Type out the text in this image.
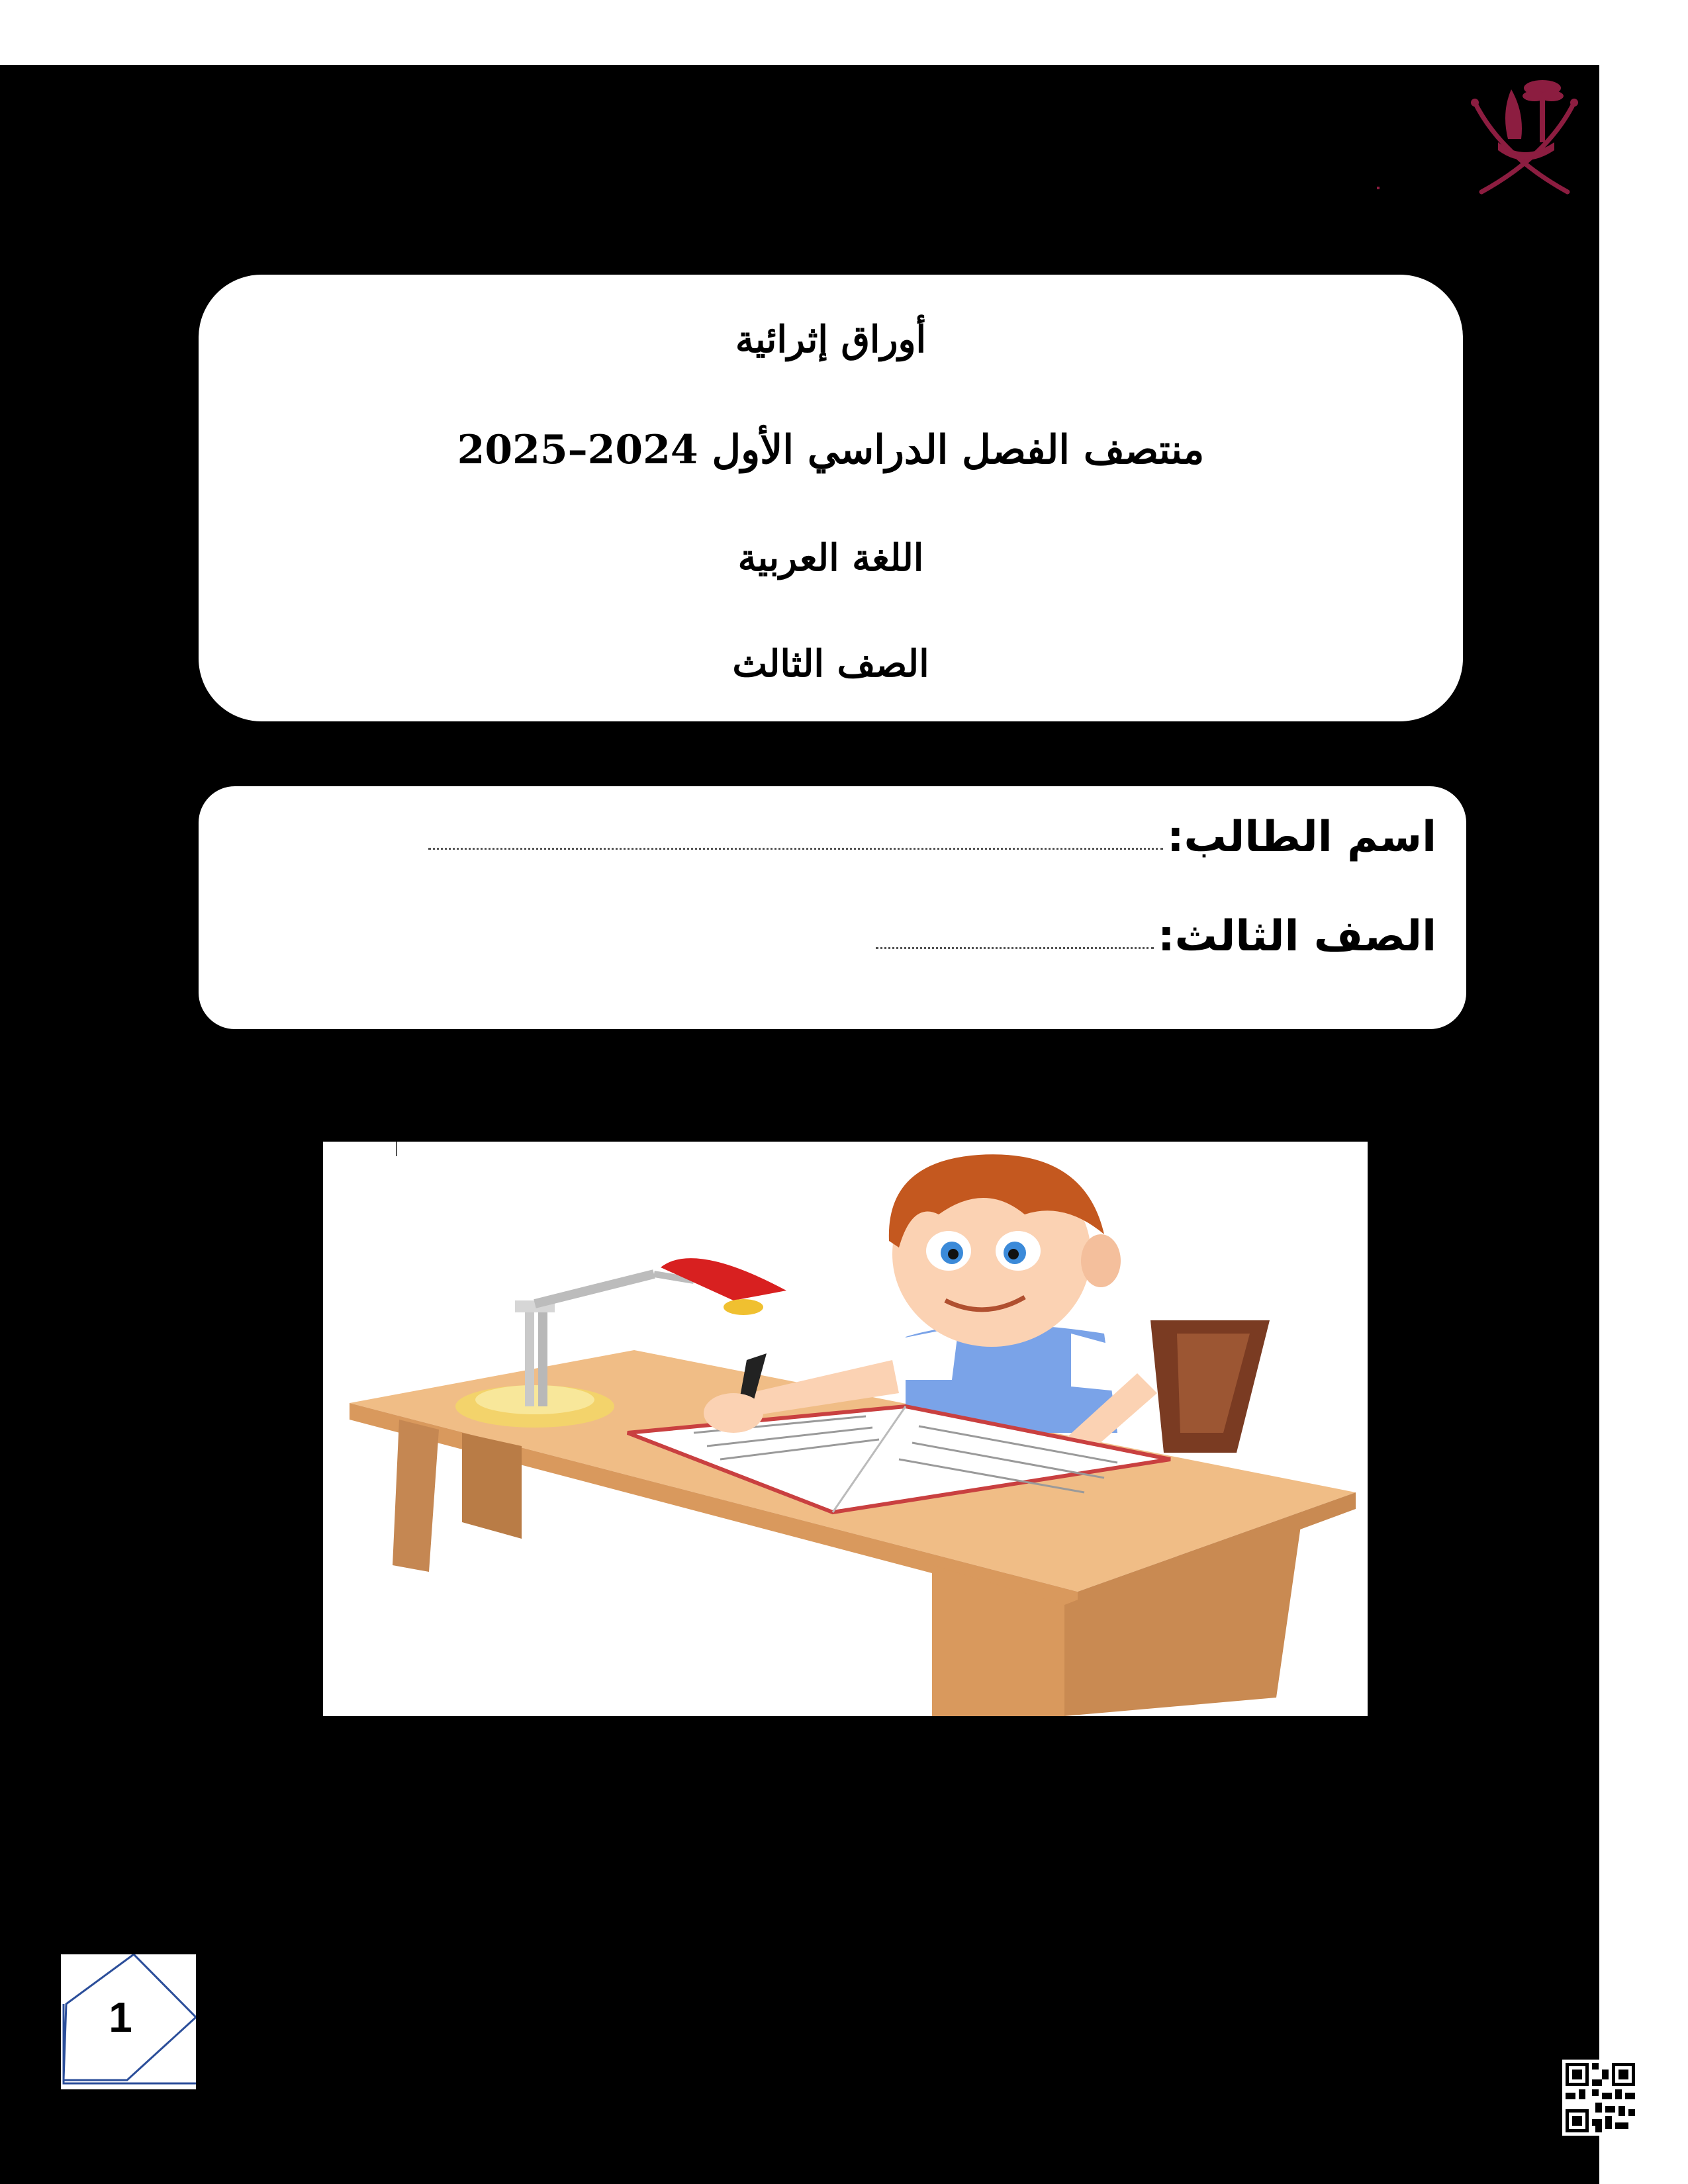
أوراق إثرائية
منتصف الفصل الدراسي الأول 2024–2025
اللغة العربية
الصف الثالث
اسم الطالب:
الصف الثالث:
1
